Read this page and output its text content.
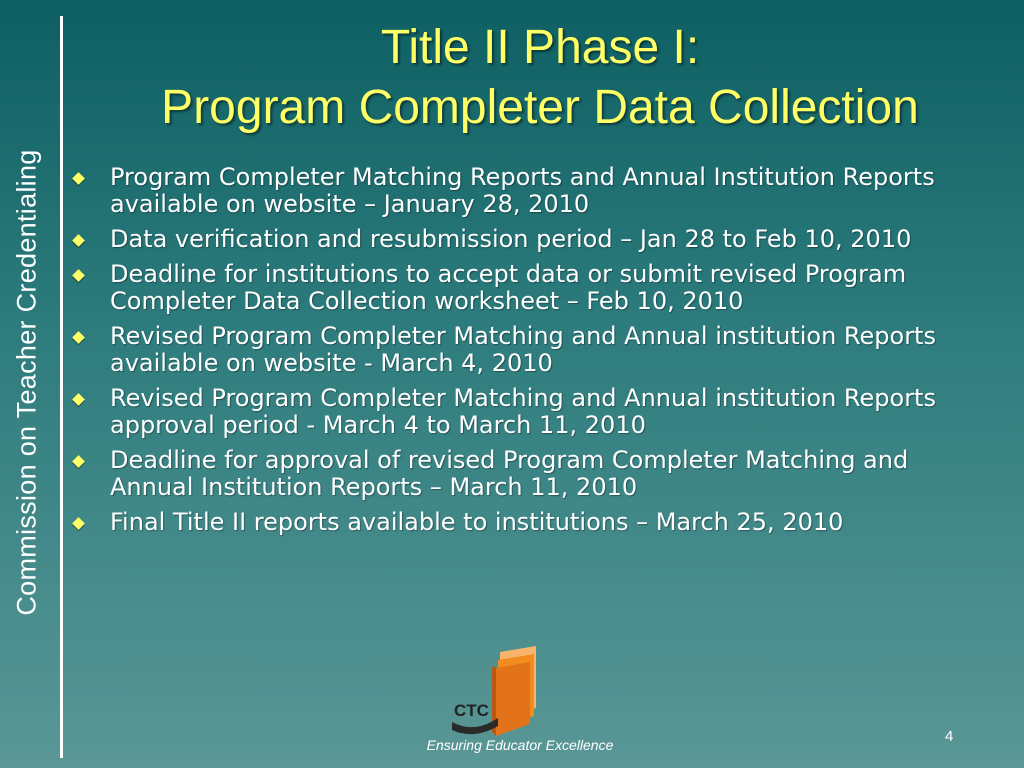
Commission on Teacher Credentialing
Title II Phase I:
Program Completer Data Collection
Program Completer Matching Reports and Annual Institution Reports available on website – January 28, 2010
Data verification and resubmission period – Jan 28 to Feb 10, 2010
Deadline for institutions to accept data or submit revised Program Completer Data Collection worksheet – Feb 10, 2010
Revised Program Completer Matching and Annual institution Reports available on website - March 4, 2010
Revised Program Completer Matching and Annual institution Reports approval period - March 4 to March 11, 2010
Deadline for approval of revised Program Completer Matching and Annual Institution Reports – March 11, 2010
Final Title II reports available to institutions – March 25, 2010
CTC
Ensuring Educator Excellence	4
